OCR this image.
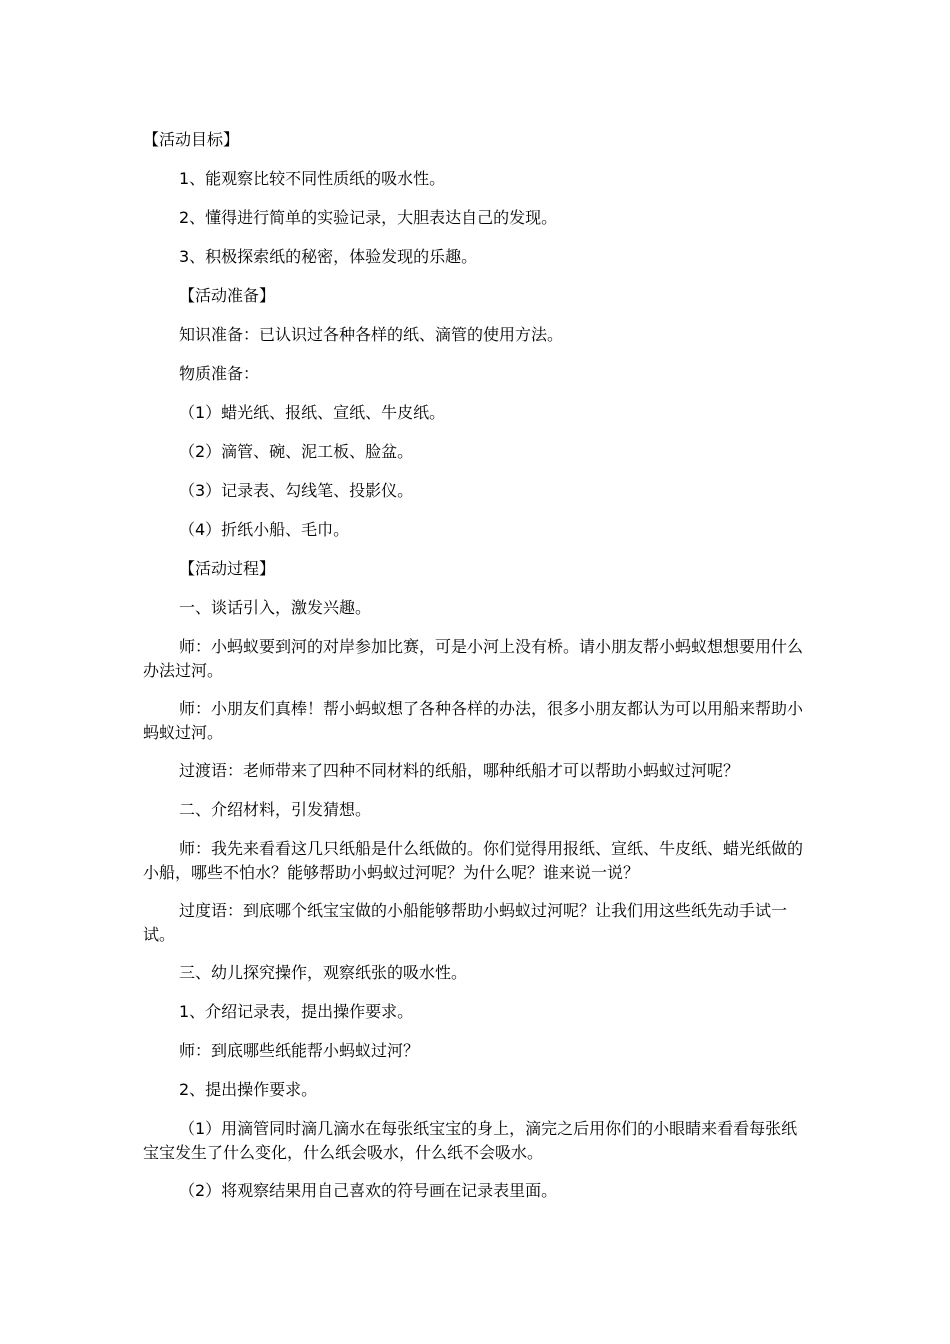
【活动目标】

1、能观察比较不同性质纸的吸水性。

2、懂得进行简单的实验记录，大胆表达自己的发现。

3、积极探索纸的秘密，体验发现的乐趣。

【活动准备】

知识准备：已认识过各种各样的纸、滴管的使用方法。

物质准备：

（1）蜡光纸、报纸、宣纸、牛皮纸。

（2）滴管、碗、泥工板、脸盆。

（3）记录表、勾线笔、投影仪。

（4）折纸小船、毛巾。

【活动过程】

一、谈话引入，激发兴趣。

师：小蚂蚁要到河的对岸参加比赛，可是小河上没有桥。请小朋友帮小蚂蚁想想要用什么办法过河。

师：小朋友们真棒！帮小蚂蚁想了各种各样的办法，很多小朋友都认为可以用船来帮助小蚂蚁过河。

过渡语：老师带来了四种不同材料的纸船，哪种纸船才可以帮助小蚂蚁过河呢？

二、介绍材料，引发猜想。

师：我先来看看这几只纸船是什么纸做的。你们觉得用报纸、宣纸、牛皮纸、蜡光纸做的小船，哪些不怕水？能够帮助小蚂蚁过河呢？为什么呢？谁来说一说？

过度语：到底哪个纸宝宝做的小船能够帮助小蚂蚁过河呢？让我们用这些纸先动手试一试。

三、幼儿探究操作，观察纸张的吸水性。

1、介绍记录表，提出操作要求。

师：到底哪些纸能帮小蚂蚁过河？

2、提出操作要求。

（1）用滴管同时滴几滴水在每张纸宝宝的身上，滴完之后用你们的小眼睛来看看每张纸宝宝发生了什么变化，什么纸会吸水，什么纸不会吸水。

（2）将观察结果用自己喜欢的符号画在记录表里面。
